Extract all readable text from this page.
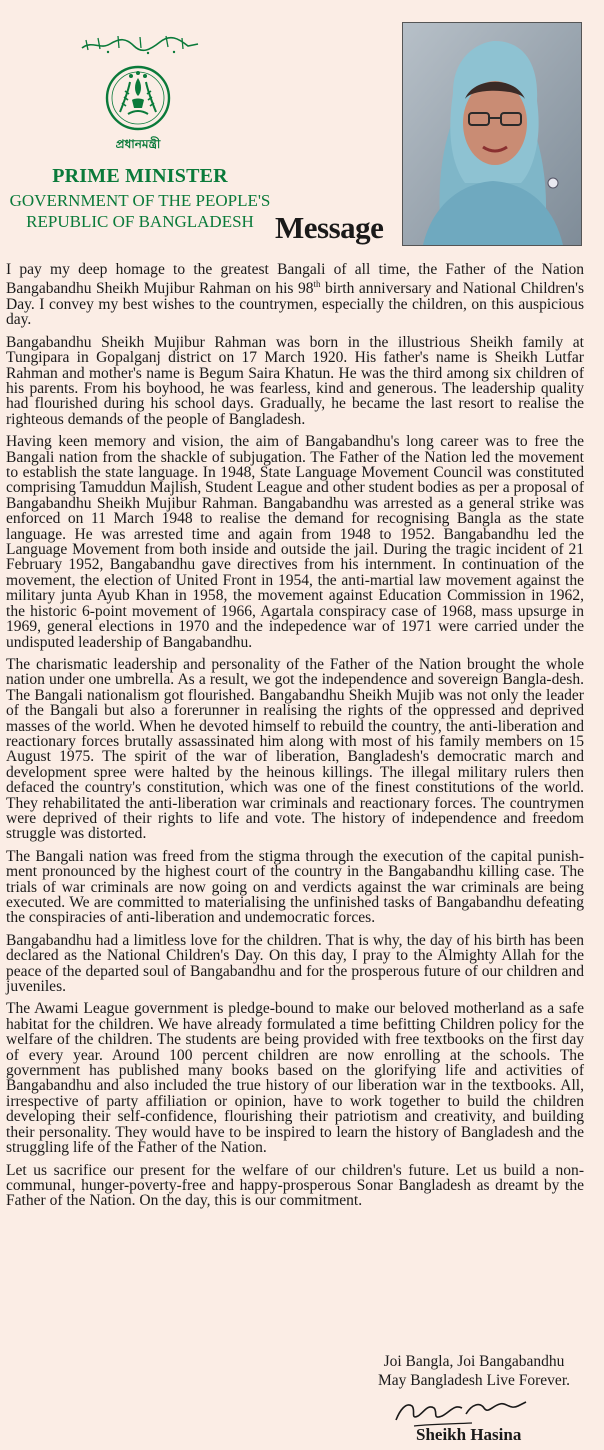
প্রধানমন্ত্রী
PRIME MINISTER
GOVERNMENT OF THE PEOPLE'S
REPUBLIC OF BANGLADESH Message

I pay my deep homage to the greatest Bangali of all time, the Father of the Nation Bangabandhu Sheikh Mujibur Rahman on his 98th birth anniversary and National Children's Day. I convey my best wishes to the countrymen, especially the children, on this auspicious day.

Bangabandhu Sheikh Mujibur Rahman was born in the illustrious Sheikh family at Tungipara in Gopalganj district on 17 March 1920. His father's name is Sheikh Lutfar Rahman and mother's name is Begum Saira Khatun. He was the third among six children of his parents. From his boyhood, he was fearless, kind and generous. The leadership quality had flourished during his school days. Gradually, he became the last resort to realise the righteous demands of the people of Bangladesh.

Having keen memory and vision, the aim of Bangabandhu's long career was to free the Bangali nation from the shackle of subjugation. The Father of the Nation led the movement to establish the state language. In 1948, State Language Movement Council was constituted comprising Tamuddun Majlish, Student League and other student bodies as per a proposal of Bangabandhu Sheikh Mujibur Rahman. Bangabandhu was arrested as a general strike was enforced on 11 March 1948 to realise the demand for recognising Bangla as the state language. He was arrested time and again from 1948 to 1952. Bangabandhu led the Language Movement from both inside and outside the jail. During the tragic incident of 21 February 1952, Bangabandhu gave directives from his internment. In continuation of the movement, the election of United Front in 1954, the anti-martial law movement against the military junta Ayub Khan in 1958, the movement against Education Commission in 1962, the historic 6-point movement of 1966, Agartala conspiracy case of 1968, mass upsurge in 1969, general elections in 1970 and the indepedence war of 1971 were carried under the undisputed leadership of Bangabandhu.

The charismatic leadership and personality of the Father of the Nation brought the whole nation under one umbrella. As a result, we got the independence and sovereign Bangla-desh. The Bangali nationalism got flourished. Bangabandhu Sheikh Mujib was not only the leader of the Bangali but also a forerunner in realising the rights of the oppressed and deprived masses of the world. When he devoted himself to rebuild the country, the anti-liberation and reactionary forces brutally assassinated him along with most of his family members on 15 August 1975. The spirit of the war of liberation, Bangladesh's democratic march and development spree were halted by the heinous killings. The illegal military rulers then defaced the country's constitution, which was one of the finest constitutions of the world. They rehabilitated the anti-liberation war criminals and reactionary forces. The countrymen were deprived of their rights to life and vote. The history of independence and freedom struggle was distorted.

The Bangali nation was freed from the stigma through the execution of the capital punish-ment pronounced by the highest court of the country in the Bangabandhu killing case. The trials of war criminals are now going on and verdicts against the war criminals are being executed. We are committed to materialising the unfinished tasks of Bangabandhu defeating the conspiracies of anti-liberation and undemocratic forces.

Bangabandhu had a limitless love for the children. That is why, the day of his birth has been declared as the National Children's Day. On this day, I pray to the Almighty Allah for the peace of the departed soul of Bangabandhu and for the prosperous future of our children and juveniles.

The Awami League government is pledge-bound to make our beloved motherland as a safe habitat for the children. We have already formulated a time befitting Children policy for the welfare of the children. The students are being provided with free textbooks on the first day of every year. Around 100 percent children are now enrolling at the schools. The government has published many books based on the glorifying life and activities of Bangabandhu and also included the true history of our liberation war in the textbooks. All, irrespective of party affiliation or opinion, have to work together to build the children developing their self-confidence, flourishing their patriotism and creativity, and building their personality. They would have to be inspired to learn the history of Bangladesh and the struggling life of the Father of the Nation.

Let us sacrifice our present for the welfare of our children's future. Let us build a non-communal, hunger-poverty-free and happy-prosperous Sonar Bangladesh as dreamt by the Father of the Nation. On the day, this is our commitment.

Joi Bangla, Joi Bangabandhu
May Bangladesh Live Forever.
Sheikh Hasina
